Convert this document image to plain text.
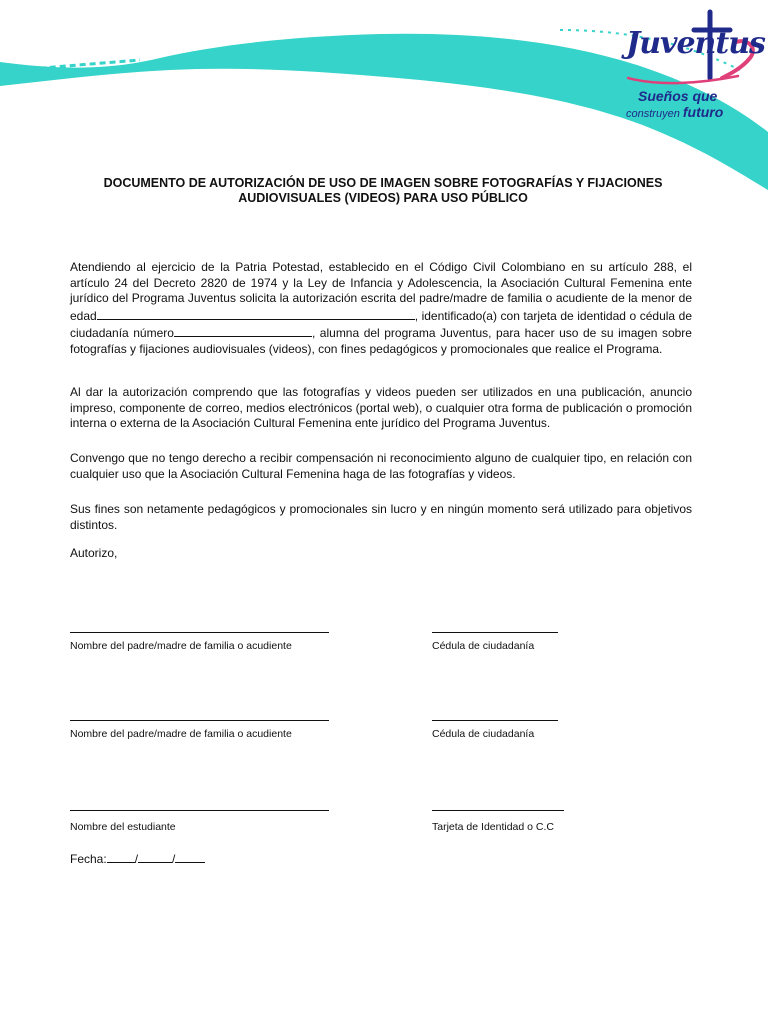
Juventus
Sueños que
construyen futuro
DOCUMENTO DE AUTORIZACIÓN DE USO DE IMAGEN SOBRE FOTOGRAFÍAS Y FIJACIONES
AUDIOVISUALES (VIDEOS) PARA USO PÚBLICO

Atendiendo al ejercicio de la Patria Potestad, establecido en el Código Civil Colombiano en su artículo 288, el artículo 24 del Decreto 2820 de 1974 y la Ley de Infancia y Adolescencia, la Asociación Cultural Femenina ente jurídico del Programa Juventus solicita la autorización escrita del padre/madre de familia o acudiente de la menor de edad	, identificado(a) con tarjeta de identidad o cédula de ciudadanía número	, alumna del programa Juventus, para hacer uso de su imagen sobre fotografías y fijaciones audiovisuales (videos), con fines pedagógicos y promocionales que realice el Programa.

Al dar la autorización comprendo que las fotografías y videos pueden ser utilizados en una publicación, anuncio impreso, componente de correo, medios electrónicos (portal web), o cualquier otra forma de publicación o promoción interna o externa de la Asociación Cultural Femenina ente jurídico del Programa Juventus.

Convengo que no tengo derecho a recibir compensación ni reconocimiento alguno de cualquier tipo, en relación con cualquier uso que la Asociación Cultural Femenina haga de las fotografías y videos.

Sus fines son netamente pedagógicos y promocionales sin lucro y en ningún momento será utilizado para objetivos distintos.

Autorizo,

Nombre del padre/madre de familia o acudiente	Cédula de ciudadanía
Nombre del padre/madre de familia o acudiente	Cédula de ciudadanía
Nombre del estudiante	Tarjeta de Identidad o C.C
Fecha: /	/
